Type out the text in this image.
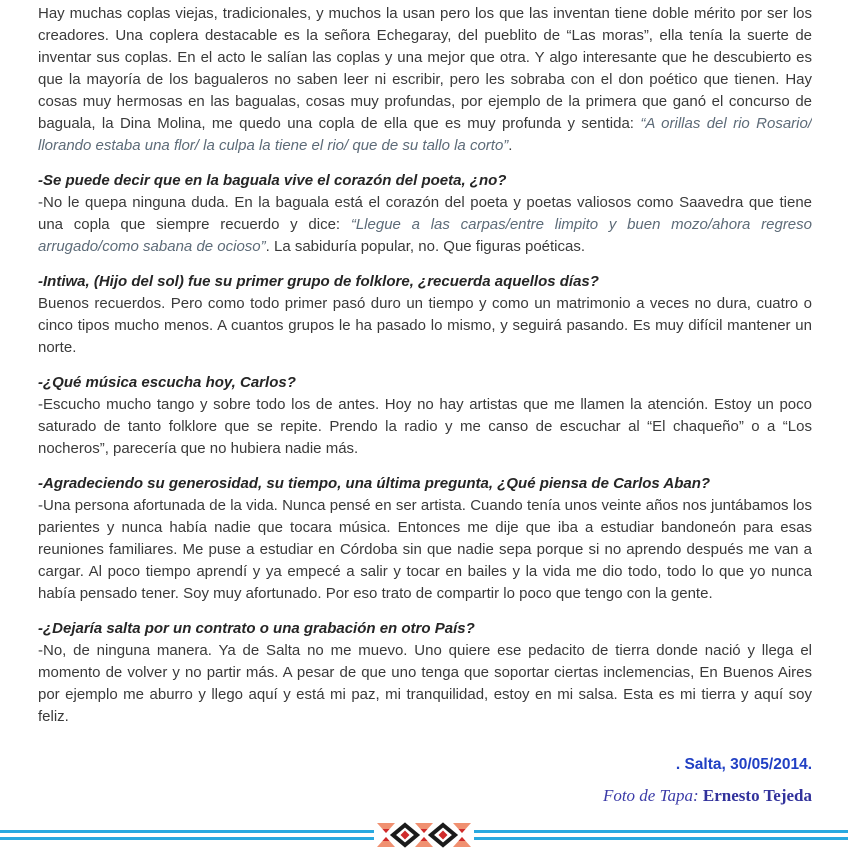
Hay muchas coplas viejas, tradicionales, y muchos la usan pero los que las inventan tiene doble mérito por ser los creadores. Una coplera destacable es la señora Echegaray, del pueblito de “Las moras”, ella tenía la suerte de inventar sus coplas. En el acto le salían las coplas y una mejor que otra. Y algo interesante que he descubierto es que la mayoría de los bagualeros no saben leer ni escribir, pero les sobraba con el don poético que tienen. Hay cosas muy hermosas en las bagualas, cosas muy profundas, por ejemplo de la primera que ganó el concurso de baguala, la Dina Molina, me quedo una copla de ella que es muy profunda y sentida: “A orillas del rio Rosario/ llorando estaba una flor/ la culpa la tiene el rio/ que de su tallo la corto”.

-Se puede decir que en la baguala vive el corazón del poeta, ¿no?

-No le quepa ninguna duda. En la baguala está el corazón del poeta y poetas valiosos como Saavedra que tiene una copla que siempre recuerdo y dice: “Llegue a las carpas/entre limpito y buen mozo/ahora regreso arrugado/como sabana de ocioso”. La sabiduría popular, no. Que figuras poéticas.

-Intiwa, (Hijo del sol) fue su primer grupo de folklore, ¿recuerda aquellos días?

Buenos recuerdos. Pero como todo primer pasó duro un tiempo y como un matrimonio a veces no dura, cuatro o cinco tipos mucho menos. A cuantos grupos le ha pasado lo mismo, y seguirá pasando. Es muy difícil mantener un norte.

-¿Qué música escucha hoy, Carlos?

-Escucho mucho tango y sobre todo los de antes. Hoy no hay artistas que me llamen la atención. Estoy un poco saturado de tanto folklore que se repite. Prendo la radio y me canso de escuchar al “El chaqueño” o a “Los nocheros”, parecería que no hubiera nadie más.

-Agradeciendo su generosidad, su tiempo, una última pregunta, ¿Qué piensa de Carlos Aban?

-Una persona afortunada de la vida. Nunca pensé en ser artista. Cuando tenía unos veinte años nos juntábamos los parientes y nunca había nadie que tocara música. Entonces me dije que iba a estudiar bandoneón para esas reuniones familiares. Me puse a estudiar en Córdoba sin que nadie sepa porque si no aprendo después me van a cargar. Al poco tiempo aprendí y ya empecé a salir y tocar en bailes y la vida me dio todo, todo lo que yo nunca había pensado tener. Soy muy afortunado. Por eso trato de compartir lo poco que tengo con la gente.

-¿Dejaría salta por un contrato o una grabación en otro País?

-No, de ninguna manera. Ya de Salta no me muevo. Uno quiere ese pedacito de tierra donde nació y llega el momento de volver y no partir más. A pesar de que uno tenga que soportar ciertas inclemencias, En Buenos Aires por ejemplo me aburro y llego aquí y está mi paz, mi tranquilidad, estoy en mi salsa. Esta es mi tierra y aquí soy feliz.

. Salta, 30/05/2014.
Foto de Tapa: Ernesto Tejeda
